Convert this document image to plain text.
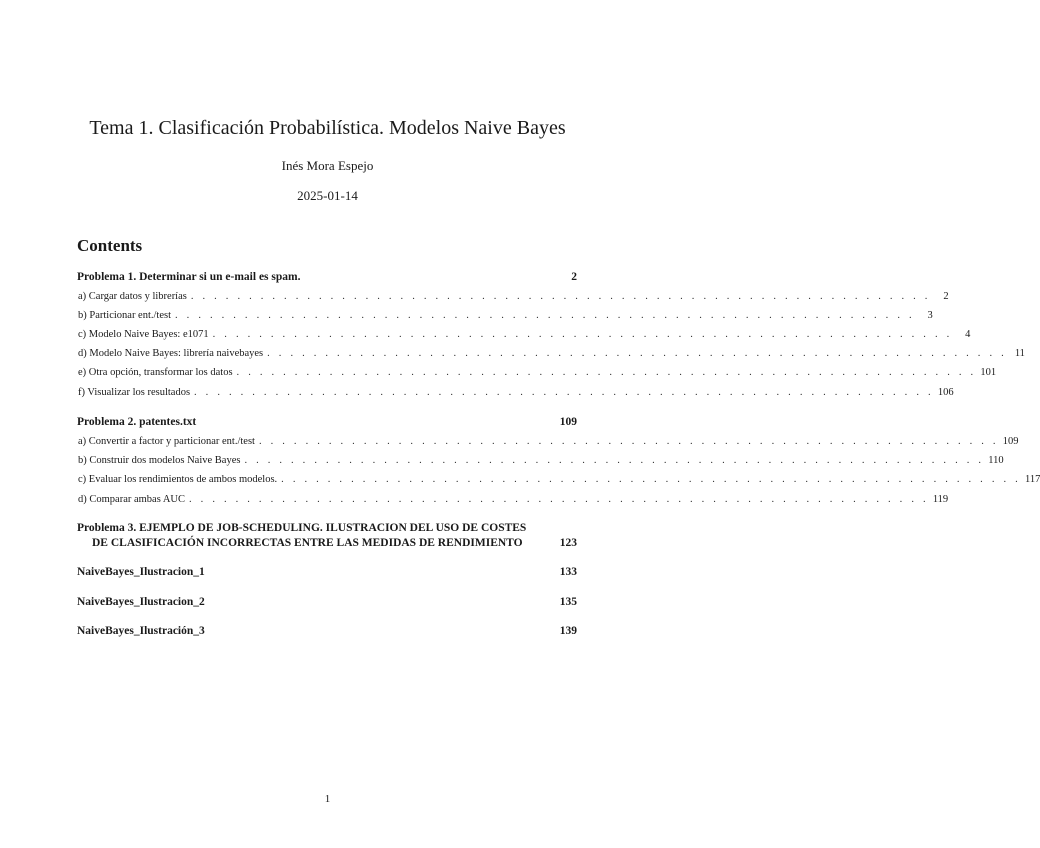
Tema 1. Clasificación Probabilística. Modelos Naive Bayes
Inés Mora Espejo
2025-01-14
Contents
Problema 1. Determinar si un e-mail es spam.	2
a) Cargar datos y librerías . . . . . . . . . . . . . . . . . . . . . . . . . . . . . . . . . . . . . . . . . . . . . . . . . . . . . . . . . . . . . . . .	2
b) Particionar ent./test . . . . . . . . . . . . . . . . . . . . . . . . . . . . . . . . . . . . . . . . . . . . . . . . . . . . . . . . . . . . . . . .	3
c) Modelo Naive Bayes: e1071 . . . . . . . . . . . . . . . . . . . . . . . . . . . . . . . . . . . . . . . . . . . . . . . . . . . . . . . . . . . . . . . .	4
d) Modelo Naive Bayes: librería naivebayes . . . . . . . . . . . . . . . . . . . . . . . . . . . . . . . . . . . . . . . . . . . . . . . . . . . . . . . . . . . . . . . . 11
e) Otra opción, transformar los datos . . . . . . . . . . . . . . . . . . . . . . . . . . . . . . . . . . . . . . . . . . . . . . . . . . . . . . . . . . . . . . . . 101
f) Visualizar los resultados . . . . . . . . . . . . . . . . . . . . . . . . . . . . . . . . . . . . . . . . . . . . . . . . . . . . . . . . . . . . . . . . 106
Problema 2. patentes.txt	109
a) Convertir a factor y particionar ent./test . . . . . . . . . . . . . . . . . . . . . . . . . . . . . . . . . . . . . . . . . . . . . . . . . . . . . . . . . . . . . . . . 109
b) Construir dos modelos Naive Bayes . . . . . . . . . . . . . . . . . . . . . . . . . . . . . . . . . . . . . . . . . . . . . . . . . . . . . . . . . . . . . . . . 110
c) Evaluar los rendimientos de ambos modelos. . . . . . . . . . . . . . . . . . . . . . . . . . . . . . . . . . . . . . . . . . . . . . . . . . . . . . . . . . . . . . . . . 117
d) Comparar ambas AUC . . . . . . . . . . . . . . . . . . . . . . . . . . . . . . . . . . . . . . . . . . . . . . . . . . . . . . . . . . . . . . . . 119
Problema 3. EJEMPLO DE JOB-SCHEDULING. ILUSTRACION DEL USO DE COSTES
DE CLASIFICACIÓN INCORRECTAS ENTRE LAS MEDIDAS DE RENDIMIENTO	123
NaiveBayes_Ilustracion_1	133
NaiveBayes_Ilustracion_2	135
NaiveBayes_Ilustración_3	139
1
